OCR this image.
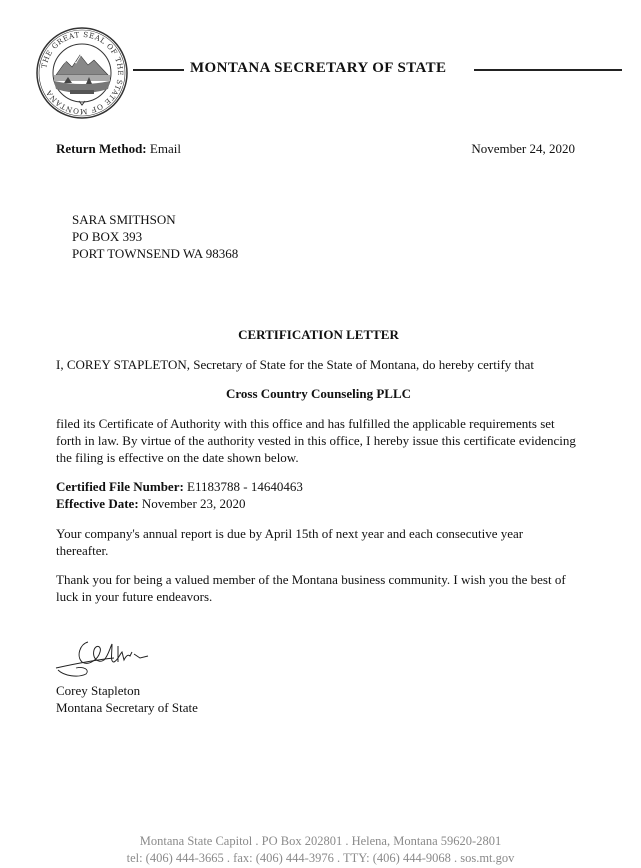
THE GREAT SEAL OF THE STATE OF MONTANA
MONTANA SECRETARY OF STATE
Return Method: Email	November 24, 2020
SARA SMITHSON
PO BOX 393
PORT TOWNSEND WA 98368
CERTIFICATION LETTER
I, COREY STAPLETON, Secretary of State for the State of Montana, do hereby certify that
Cross Country Counseling PLLC
filed its Certificate of Authority with this office and has fulfilled the applicable requirements set forth in law. By virtue of the authority vested in this office, I hereby issue this certificate evidencing the filing is effective on the date shown below.
Certified File Number: E1183788 - 14640463
Effective Date: November 23, 2020
Your company's annual report is due by April 15th of next year and each consecutive year thereafter.
Thank you for being a valued member of the Montana business community. I wish you the best of luck in your future endeavors.
Corey Stapleton
Montana Secretary of State
Montana State Capitol . PO Box 202801 . Helena, Montana 59620-2801
tel: (406) 444-3665 . fax: (406) 444-3976 . TTY: (406) 444-9068 . sos.mt.gov
